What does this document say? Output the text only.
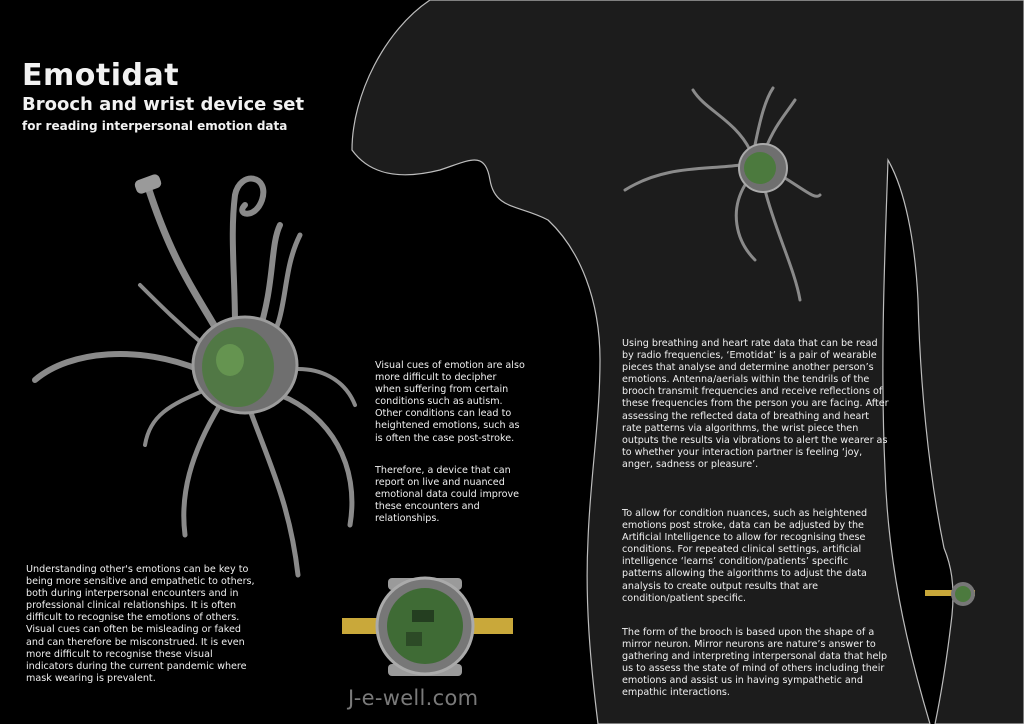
Emotidat
Brooch and wrist device set

for reading interpersonal emotion data

Understanding other's emotions can be key to being more sensitive and empathetic to others, both during interpersonal encounters and in professional clinical relationships. It is often difficult to recognise the emotions of others. Visual cues can often be misleading or faked and can therefore be misconstrued. It is even more difficult to recognise these visual indicators during the current pandemic where mask wearing is prevalent.

Visual cues of emotion are also more difficult to decipher when suffering from certain conditions such as autism. Other conditions can lead to heightened emotions, such as is often the case post-stroke.

Therefore, a device that can report on live and nuanced emotional data could improve these encounters and relationships.

Using breathing and heart rate data that can be read by radio frequencies, ‘Emotidat’ is a pair of wearable pieces that analyse and determine another person’s emotions. Antenna/aerials within the tendrils of the brooch transmit frequencies and receive reflections of these frequencies from the person you are facing. After assessing the reflected data of breathing and heart rate patterns via algorithms, the wrist piece then outputs the results via vibrations to alert the wearer as to whether your interaction partner is feeling ‘joy, anger, sadness or pleasure’.

To allow for condition nuances, such as heightened emotions post stroke, data can be adjusted by the Artificial Intelligence to allow for recognising these conditions. For repeated clinical settings, artificial intelligence ‘learns’ condition/patients’ specific patterns allowing the algorithms to adjust the data analysis to create output results that are condition/patient specific.

The form of the brooch is based upon the shape of a mirror neuron. Mirror neurons are nature’s answer to gathering and interpreting interpersonal data that help us to assess the state of mind of others including their emotions and assist us in having sympathetic and empathic interactions.

J-e-well.com
